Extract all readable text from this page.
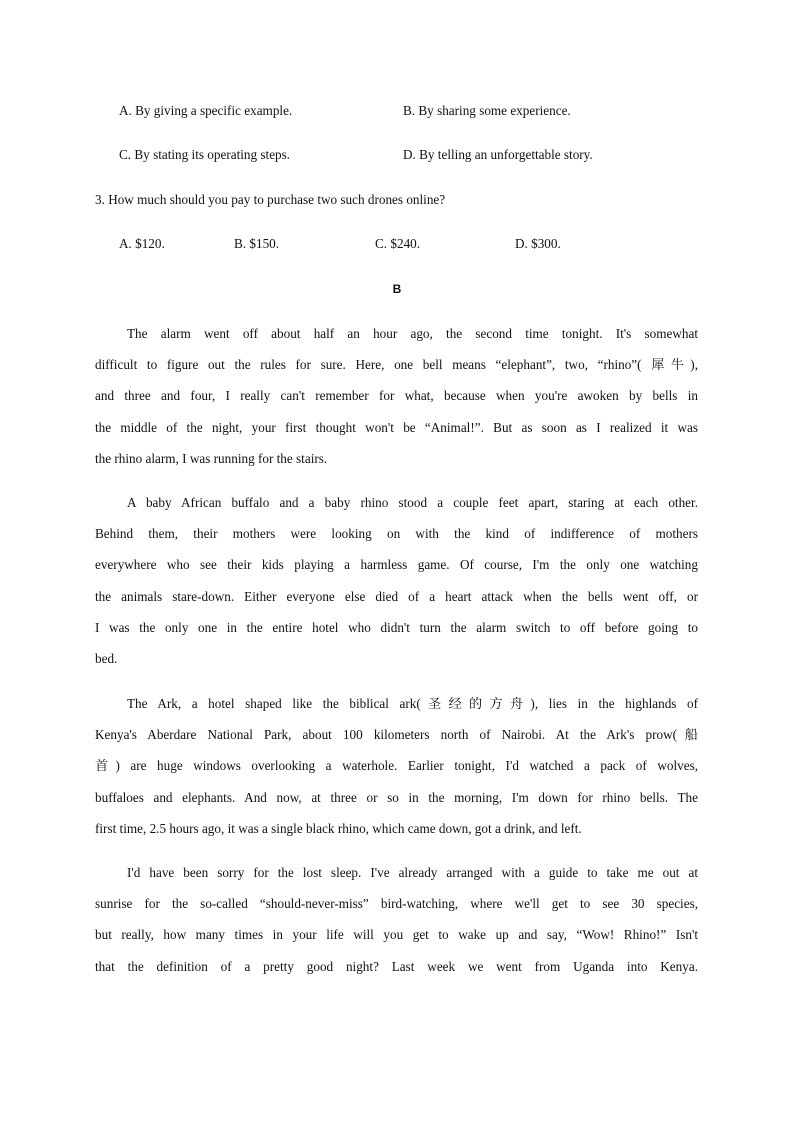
A. By giving a specific example.	B. By sharing some experience.
C. By stating its operating steps.	D. By telling an unforgettable story.
3. How much should you pay to purchase two such drones online?
A. $120.	B. $150.	C. $240.	D. $300.
B
The alarm went off about half an hour ago, the second time tonight. It's somewhat
difficult to figure out the rules for sure. Here, one bell means “elephant”, two, “rhino”( 犀牛),
and three and four, I really can't remember for what, because when you're awoken by bells in
the middle of the night, your first thought won't be “Animal!”. But as soon as I realized it was
the rhino alarm, I was running for the stairs.
A baby African buffalo and a baby rhino stood a couple feet apart, staring at each other.
Behind them, their mothers were looking on with the kind of indifference of mothers
everywhere who see their kids playing a harmless game. Of course, I'm the only one watching
the animals stare-down. Either everyone else died of a heart attack when the bells went off, or
I was the only one in the entire hotel who didn't turn the alarm switch to off before going to
bed.
The Ark, a hotel shaped like the biblical ark(圣经的方舟), lies in the highlands of
Kenya's Aberdare National Park, about 100 kilometers north of Nairobi. At the Ark's prow(船
首) are huge windows overlooking a waterhole. Earlier tonight, I'd watched a pack of wolves,
buffaloes and elephants. And now, at three or so in the morning, I'm down for rhino bells. The
first time, 2.5 hours ago, it was a single black rhino, which came down, got a drink, and left.
I'd have been sorry for the lost sleep. I've already arranged with a guide to take me out at
sunrise for the so-called “should-never-miss” bird-watching, where we'll get to see 30 species,
but really, how many times in your life will you get to wake up and say, “Wow! Rhino!” Isn't
that the definition of a pretty good night? Last week we went from Uganda into Kenya.
